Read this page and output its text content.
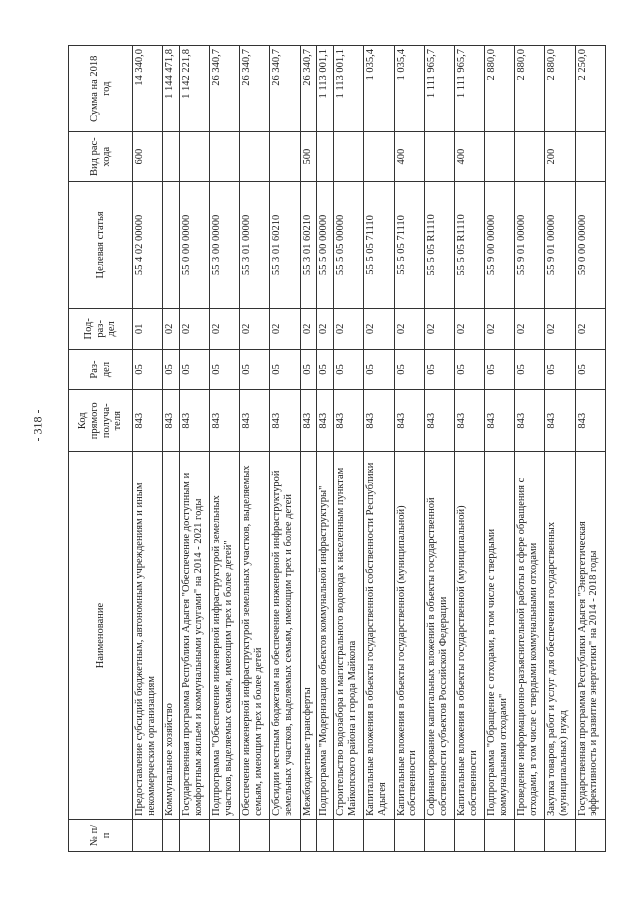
- 318 -
№ п/п	Наименование	Код прямого получа- теля	Раз- дел	Под- раз- дел	Целевая статья	Вид рас- хода	Сумма на 2018 год
	Предоставление субсидий бюджетным, автономным учреждениям и иным некоммерческим организациям	843	05	01	55 4 02 00000	600	14 340,0
	Коммунальное хозяйство	843	05	02			1 144 471,8
	Государственная программа Республики Адыгея "Обеспечение доступным и комфортным жильем и коммунальными услугами" на 2014 - 2021 годы	843	05	02	55 0 00 00000		1 142 221,8
	Подпрограмма "Обеспечение инженерной инфраструктурой земельных участков, выделяемых семьям, имеющим трех и более детей"	843	05	02	55 3 00 00000		26 340,7
	Обеспечение инженерной инфраструктурой земельных участков, выделяемых семьям, имеющим трех и более детей	843	05	02	55 3 01 00000		26 340,7
	Субсидии местным бюджетам на обеспечение инженерной инфраструктурой земельных участков, выделяемых семьям, имеющим трех и более детей	843	05	02	55 3 01 60210		26 340,7
	Межбюджетные трансферты	843	05	02	55 3 01 60210	500	26 340,7
	Подпрограмма "Модернизация объектов коммунальной инфраструктуры"	843	05	02	55 5 00 00000		1 113 001,1
	Строительство водозабора и магистрального водовода к населенным пунктам Майкопского района и города Майкопа	843	05	02	55 5 05 00000		1 113 001,1
	Капитальные вложения в объекты государственной собственности Республики Адыгея	843	05	02	55 5 05 71110		1 035,4
	Капитальные вложения в объекты государственной (муниципальной) собственности	843	05	02	55 5 05 71110	400	1 035,4
	Софинансирование капитальных вложений в объекты государственной собственности субъектов Российской Федерации	843	05	02	55 5 05 R1110		1 111 965,7
	Капитальные вложения в объекты государственной (муниципальной) собственности	843	05	02	55 5 05 R1110	400	1 111 965,7
	Подпрограмма "Обращение с отходами, в том числе с твердыми коммунальными отходами"	843	05	02	55 9 00 00000		2 880,0
	Проведение информационно-разъяснительной работы в сфере обращения с отходами, в том числе с твердыми коммунальными отходами	843	05	02	55 9 01 00000		2 880,0
	Закупка товаров, работ и услуг для обеспечения государственных (муниципальных) нужд	843	05	02	55 9 01 00000	200	2 880,0
	Государственная программа Республики Адыгея "Энергетическая эффективность и развитие энергетики" на 2014 - 2018 годы	843	05	02	59 0 00 00000		2 250,0
